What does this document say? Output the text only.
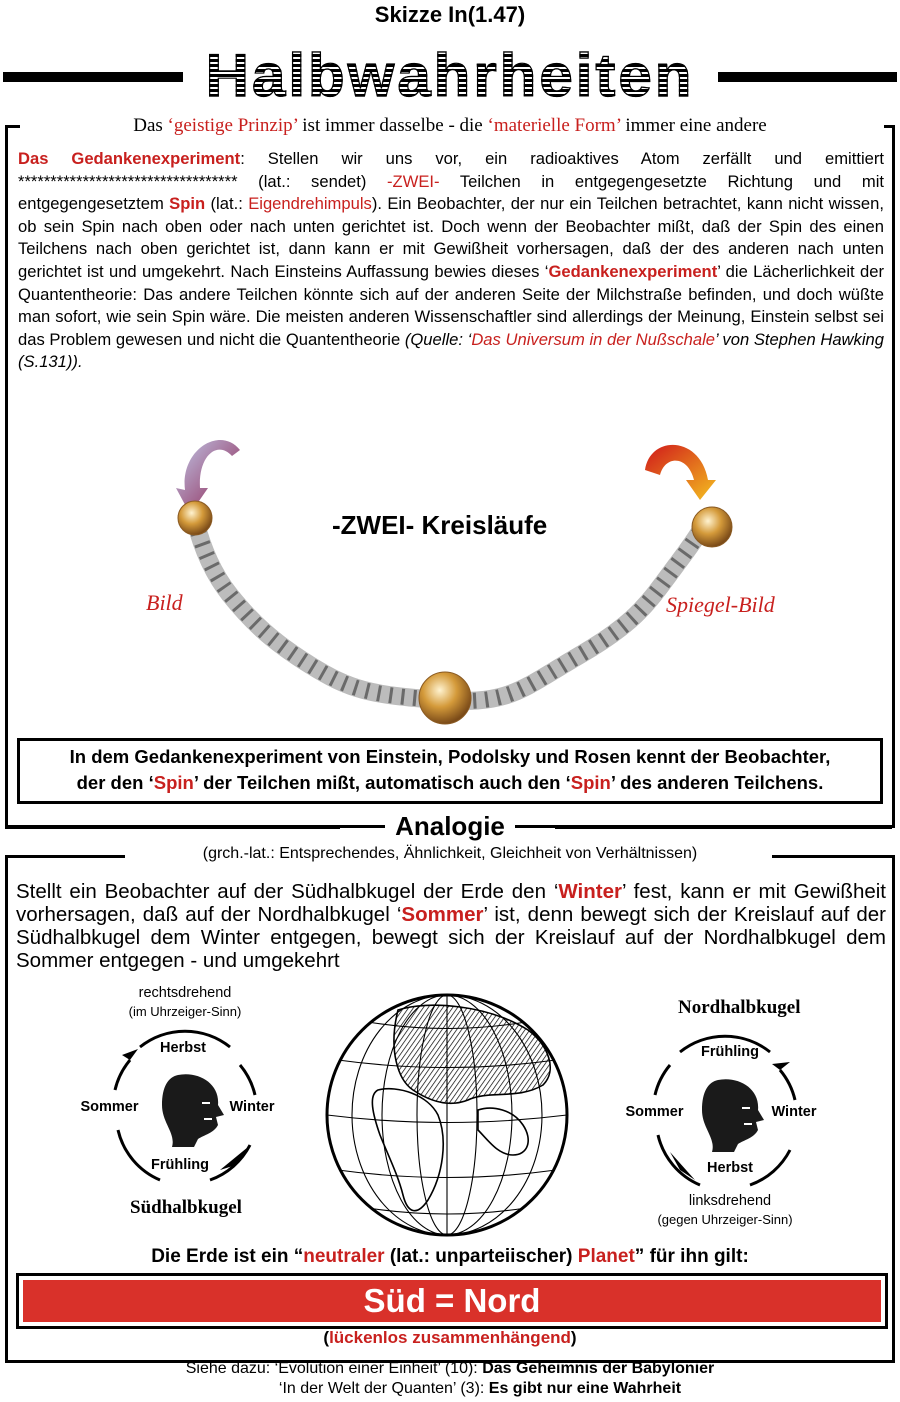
Skizze In(1.47)
Halbwahrheiten
Das ‘geistige Prinzip’ ist immer dasselbe - die ‘materielle Form’ immer eine andere
Das Gedankenexperiment: Stellen wir uns vor, ein radioaktives Atom zerfällt und emittiert ********************************** (lat.: sendet) -ZWEI- Teilchen in entgegengesetzte Richtung und mit entgegengesetztem Spin (lat.: Eigendrehimpuls). Ein Beobachter, der nur ein Teilchen betrachtet, kann nicht wissen, ob sein Spin nach oben oder nach unten gerichtet ist. Doch wenn der Beobachter mißt, daß der Spin des einen Teilchens nach oben gerichtet ist, dann kann er mit Gewißheit vorhersagen, daß der des anderen nach unten gerichtet ist und umgekehrt. Nach Einsteins Auffassung bewies dieses ‘Gedankenexperiment’ die Lächerlichkeit der Quantentheorie: Das andere Teilchen könnte sich auf der anderen Seite der Milchstraße befinden, und doch wüßte man sofort, wie sein Spin wäre. Die meisten anderen Wissenschaftler sind allerdings der Meinung, Einstein selbst sei das Problem gewesen und nicht die Quantentheorie (Quelle: ‘Das Universum in der Nußschale’ von Stephen Hawking (S.131)).
-ZWEI- Kreisläufe
Bild	Spiegel-Bild
In dem Gedankenexperiment von Einstein, Podolsky und Rosen kennt der Beobachter,
der den ‘Spin’ der Teilchen mißt, automatisch auch den ‘Spin’ des anderen Teilchens.
Analogie
(grch.-lat.: Entsprechendes, Ähnlichkeit, Gleichheit von Verhältnissen)
Stellt ein Beobachter auf der Südhalbkugel der Erde den ‘Winter’ fest, kann er mit Gewißheit vorhersagen, daß auf der Nordhalbkugel ‘Sommer’ ist, denn bewegt sich der Kreislauf auf der Südhalbkugel dem Winter entgegen, bewegt sich der Kreislauf auf der Nordhalbkugel dem Sommer entgegen - und umgekehrt
rechtsdrehend
(im Uhrzeiger-Sinn)
Herbst
Sommer	Winter
Frühling
Südhalbkugel
Nordhalbkugel
Frühling
Sommer	Winter
Herbst
linksdrehend
(gegen Uhrzeiger-Sinn)
Die Erde ist ein “neutraler (lat.: unparteiischer) Planet” für ihn gilt:
Süd = Nord
(lückenlos zusammenhängend)
Siehe dazu: ‘Evolution einer Einheit’ (10): Das Geheimnis der Babylonier
‘In der Welt der Quanten’ (3): Es gibt nur eine Wahrheit
